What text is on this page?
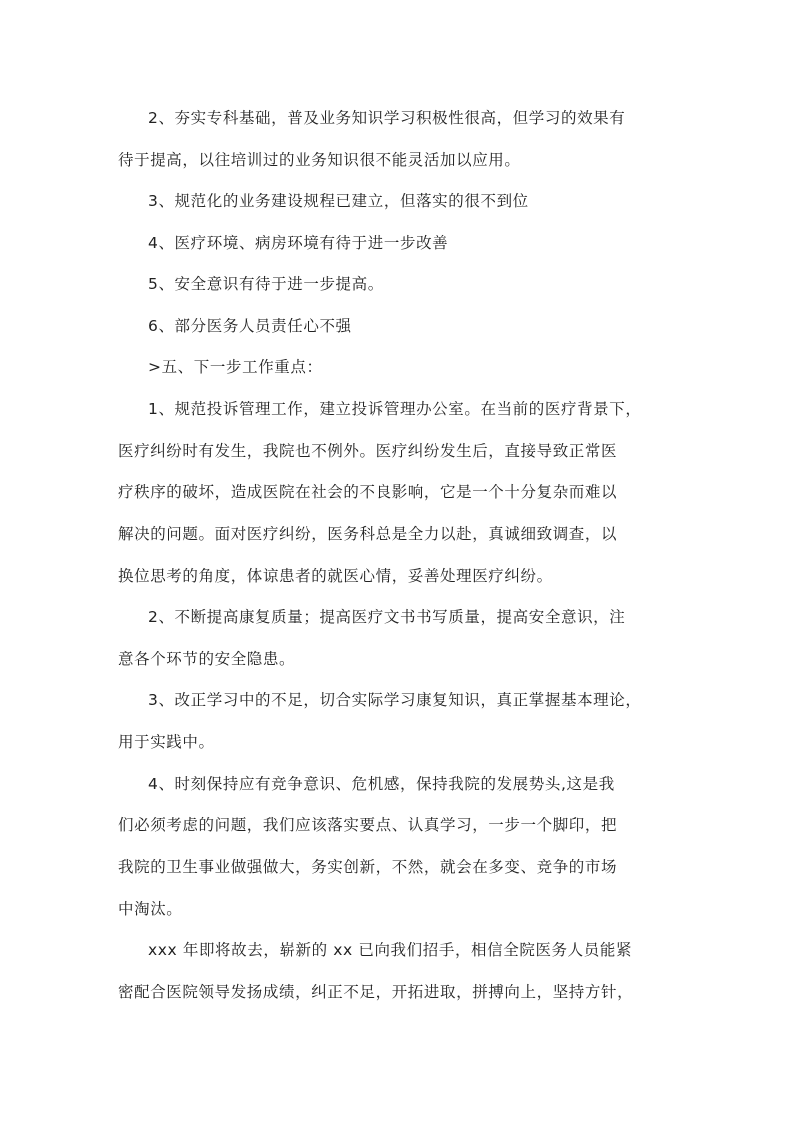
2、夯实专科基础，普及业务知识学习积极性很高，但学习的效果有
待于提高，以往培训过的业务知识很不能灵活加以应用。
3、规范化的业务建设规程已建立，但落实的很不到位
4、医疗环境、病房环境有待于进一步改善
5、安全意识有待于进一步提高。
6、部分医务人员责任心不强
>五、下一步工作重点：
1、规范投诉管理工作，建立投诉管理办公室。在当前的医疗背景下，
医疗纠纷时有发生，我院也不例外。医疗纠纷发生后，直接导致正常医
疗秩序的破坏，造成医院在社会的不良影响，它是一个十分复杂而难以
解决的问题。面对医疗纠纷，医务科总是全力以赴，真诚细致调查，以
换位思考的角度，体谅患者的就医心情，妥善处理医疗纠纷。
2、不断提高康复质量；提高医疗文书书写质量，提高安全意识，注
意各个环节的安全隐患。
3、改正学习中的不足，切合实际学习康复知识，真正掌握基本理论，
用于实践中。
4、时刻保持应有竞争意识、危机感，保持我院的发展势头,这是我
们必须考虑的问题，我们应该落实要点、认真学习，一步一个脚印，把
我院的卫生事业做强做大，务实创新，不然，就会在多变、竞争的市场
中淘汰。
xxx 年即将故去，崭新的 xx 已向我们招手，相信全院医务人员能紧
密配合医院领导发扬成绩，纠正不足，开拓进取，拼搏向上，坚持方针，
